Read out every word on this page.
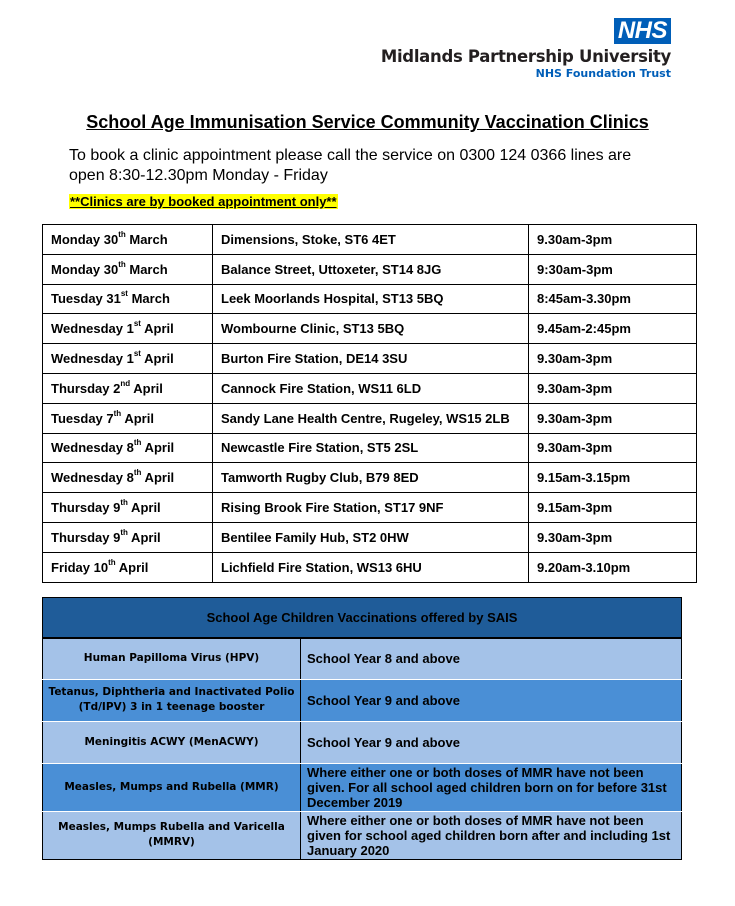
NHS
Midlands Partnership University
NHS Foundation Trust
School Age Immunisation Service Community Vaccination Clinics
To book a clinic appointment please call the service on 0300 124 0366 lines are open 8:30-12.30pm Monday - Friday
**Clinics are by booked appointment only**
Monday 30th March	Dimensions, Stoke, ST6 4ET	9.30am-3pm
Monday 30th March	Balance Street, Uttoxeter, ST14 8JG	9:30am-3pm
Tuesday 31st March	Leek Moorlands Hospital, ST13 5BQ	8:45am-3.30pm
Wednesday 1st April	Wombourne Clinic, ST13 5BQ	9.45am-2:45pm
Wednesday 1st April	Burton Fire Station, DE14 3SU	9.30am-3pm
Thursday 2nd April	Cannock Fire Station, WS11 6LD	9.30am-3pm
Tuesday 7th April	Sandy Lane Health Centre, Rugeley, WS15 2LB	9.30am-3pm
Wednesday 8th April	Newcastle Fire Station, ST5 2SL	9.30am-3pm
Wednesday 8th April	Tamworth Rugby Club, B79 8ED	9.15am-3.15pm
Thursday 9th April	Rising Brook Fire Station, ST17 9NF	9.15am-3pm
Thursday 9th April	Bentilee Family Hub, ST2 0HW	9.30am-3pm
Friday 10th April	Lichfield Fire Station, WS13 6HU	9.20am-3.10pm
School Age Children Vaccinations offered by SAIS	
Human Papilloma Virus (HPV)	School Year 8 and above
Tetanus, Diphtheria and Inactivated Polio (Td/IPV) 3 in 1 teenage booster	School Year 9 and above
Meningitis ACWY (MenACWY)	School Year 9 and above
Measles, Mumps and Rubella (MMR)	Where either one or both doses of MMR have not been given. For all school aged children born on for before 31st December 2019
Measles, Mumps Rubella and Varicella (MMRV)	Where either one or both doses of MMR have not been given for school aged children born after and including 1st January 2020
